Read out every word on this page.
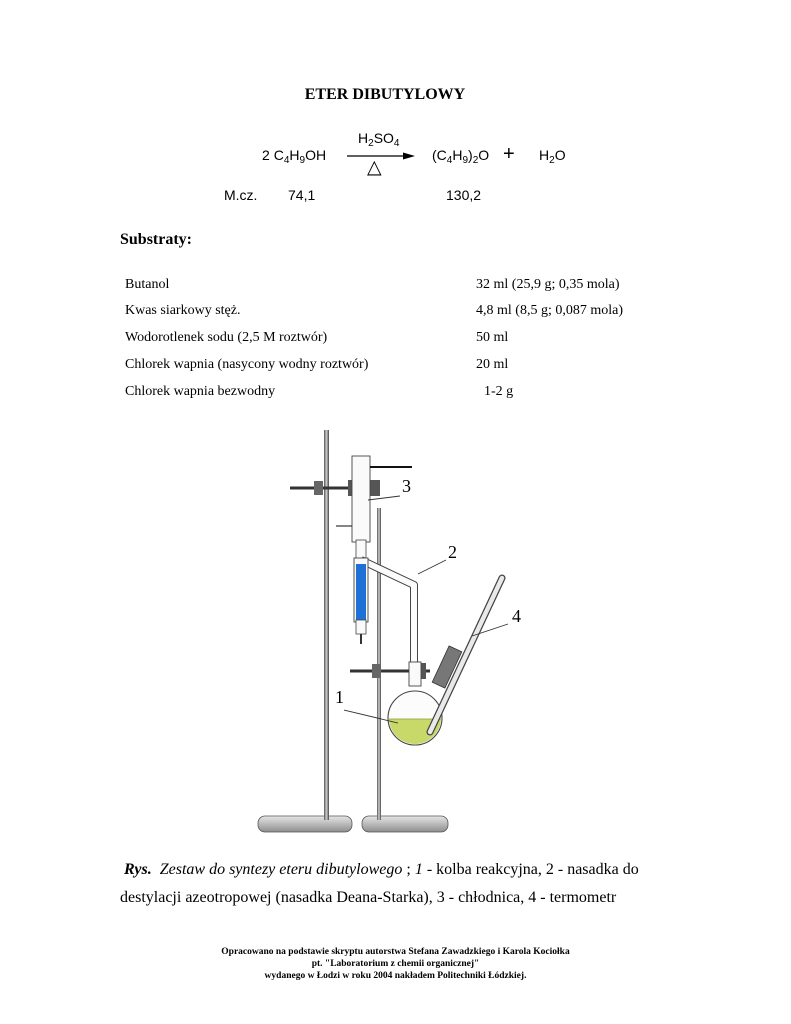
ETER DIBUTYLOWY
2 $C_4H_9OH$
$H_2SO_4$
△
$(C_4H_9)_2O + H_2O$
M.cz. 74,1	130,2
Substraty:
Butanol	32 ml (25,9 g; 0,35 mola)
Kwas siarkowy stęż.	4,8 ml (8,5 g; 0,087 mola)
Wodorotlenek sodu (2,5 M roztwór)	50 ml
Chlorek wapnia (nasycony wodny roztwór)	20 ml
Chlorek wapnia bezwodny	1-2 g
3
2
4
1
Rys. Zestaw do syntezy eteru dibutylowego ; 1 - kolba reakcyjna, 2 - nasadka do destylacji azeotropowej (nasadka Deana-Starka), 3 - chłodnica, 4 - termometr
Opracowano na podstawie skryptu autorstwa Stefana Zawadzkiego i Karola Kociołka
pt. "Laboratorium z chemii organicznej"
wydanego w Łodzi w roku 2004 nakładem Politechniki Łódzkiej.
